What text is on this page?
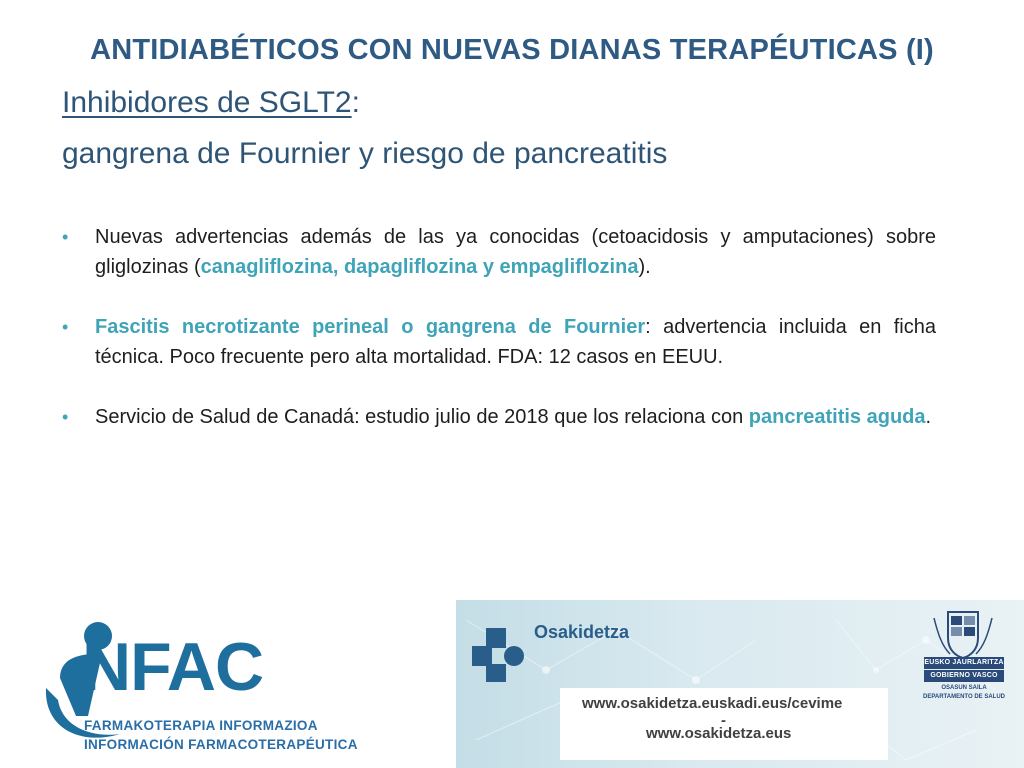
ANTIDIABÉTICOS CON NUEVAS DIANAS TERAPÉUTICAS (I)
Inhibidores de SGLT2:
gangrena de Fournier y riesgo de pancreatitis
• Nuevas advertencias además de las ya conocidas (cetoacidosis y amputaciones) sobre gliglozinas (canagliflozina, dapagliflozina y empagliflozina).
• Fascitis necrotizante perineal o gangrena de Fournier: advertencia incluida en ficha técnica. Poco frecuente pero alta mortalidad. FDA: 12 casos en EEUU.
• Servicio de Salud de Canadá: estudio julio de 2018 que los relaciona con pancreatitis aguda.
NFAC
FARMAKOTERAPIA INFORMAZIOA
INFORMACIÓN FARMACOTERAPÉUTICA
Osakidetza
www.osakidetza.euskadi.eus/cevime
-
www.osakidetza.eus
EUSKO JAURLARITZA
GOBIERNO VASCO
OSASUN SAILA
DEPARTAMENTO DE SALUD
